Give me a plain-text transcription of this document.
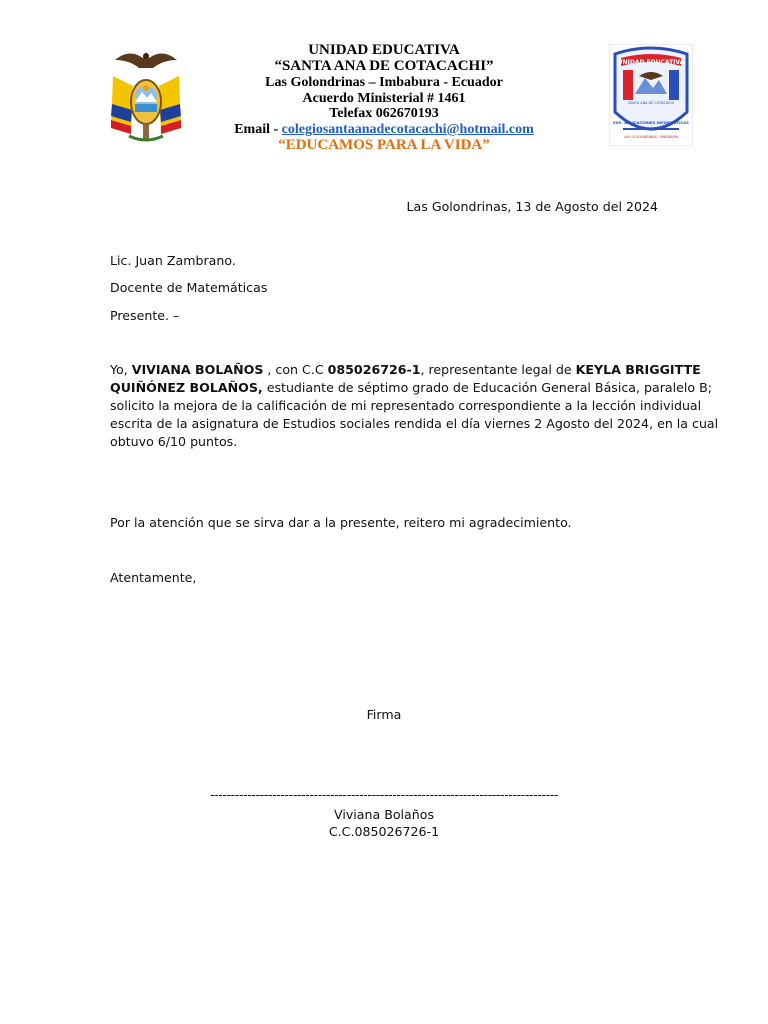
UNIDAD EDUCATIVA
SANTA ANA DE COTACACHI
ESP: APLICACIONES INFORMATICAS
LAS GOLONDRINAS - IMBABURA
UNIDAD EDUCATIVA
“SANTA ANA DE COTACACHI”
Las Golondrinas – Imbabura - Ecuador
Acuerdo Ministerial # 1461
Telefax 062670193
Email - colegiosantaanadecotacachi@hotmail.com
“EDUCAMOS PARA LA VIDA”
Las Golondrinas, 13 de Agosto del 2024
Lic. Juan Zambrano.
Docente de Matemáticas
Presente. –
Yo, VIVIANA BOLAÑOS , con C.C 085026726-1, representante legal de KEYLA BRIGGITTE
QUIÑÓNEZ BOLAÑOS, estudiante de séptimo grado de Educación General Básica, paralelo B;
solicito la mejora de la calificación de mi representado correspondiente a la lección individual
escrita de la asignatura de Estudios sociales rendida el día viernes 2 Agosto del 2024, en la cual
obtuvo 6/10 puntos.
Por la atención que se sirva dar a la presente, reitero mi agradecimiento.
Atentamente,
Firma
------------------------------------------------------------------------------------
Viviana Bolaños
C.C.085026726-1
